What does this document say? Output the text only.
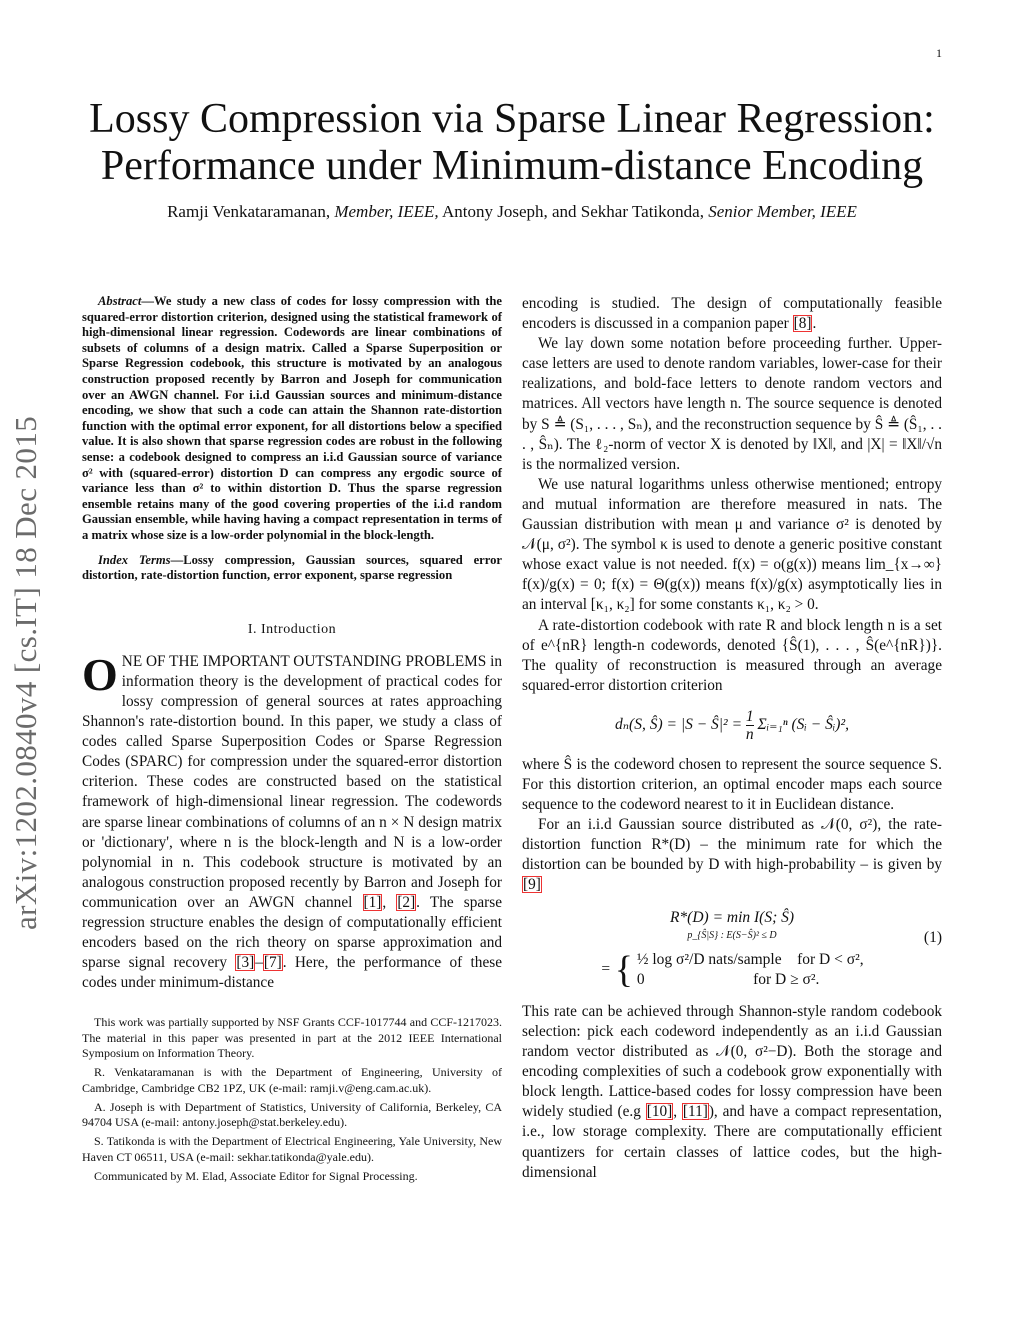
1
Lossy Compression via Sparse Linear Regression:
Performance under Minimum-distance Encoding
Ramji Venkataramanan, Member, IEEE, Antony Joseph, and Sekhar Tatikonda, Senior Member, IEEE
arXiv:1202.0840v4 [cs.IT] 18 Dec 2015

Abstract—We study a new class of codes for lossy compression with the squared-error distortion criterion, designed using the statistical framework of high-dimensional linear regression. Codewords are linear combinations of subsets of columns of a design matrix. Called a Sparse Superposition or Sparse Regression codebook, this structure is motivated by an analogous construction proposed recently by Barron and Joseph for communication over an AWGN channel. For i.i.d Gaussian sources and minimum-distance encoding, we show that such a code can attain the Shannon rate-distortion function with the optimal error exponent, for all distortions below a specified value. It is also shown that sparse regression codes are robust in the following sense: a codebook designed to compress an i.i.d Gaussian source of variance σ² with (squared-error) distortion D can compress any ergodic source of variance less than σ² to within distortion D. Thus the sparse regression ensemble retains many of the good covering properties of the i.i.d random Gaussian ensemble, while having having a compact representation in terms of a matrix whose size is a low-order polynomial in the block-length.

Index Terms—Lossy compression, Gaussian sources, squared error distortion, rate-distortion function, error exponent, sparse regression

I. Introduction

ONE OF THE IMPORTANT OUTSTANDING PROBLEMS in information theory is the development of practical codes for lossy compression of general sources at rates approaching Shannon's rate-distortion bound. In this paper, we study a class of codes called Sparse Superposition Codes or Sparse Regression Codes (SPARC) for compression under the squared-error distortion criterion. These codes are constructed based on the statistical framework of high-dimensional linear regression. The codewords are sparse linear combinations of columns of an n × N design matrix or 'dictionary', where n is the block-length and N is a low-order polynomial in n. This codebook structure is motivated by an analogous construction proposed recently by Barron and Joseph for communication over an AWGN channel [1], [2]. The sparse regression structure enables the design of computationally efficient encoders based on the rich theory on sparse approximation and sparse signal recovery [3]–[7]. Here, the performance of these codes under minimum-distance

This work was partially supported by NSF Grants CCF-1017744 and CCF-1217023. The material in this paper was presented in part at the 2012 IEEE International Symposium on Information Theory.

R. Venkataramanan is with the Department of Engineering, University of Cambridge, Cambridge CB2 1PZ, UK (e-mail: ramji.v@eng.cam.ac.uk).

A. Joseph is with Department of Statistics, University of California, Berkeley, CA 94704 USA (e-mail: antony.joseph@stat.berkeley.edu).

S. Tatikonda is with the Department of Electrical Engineering, Yale University, New Haven CT 06511, USA (e-mail: sekhar.tatikonda@yale.edu).

Communicated by M. Elad, Associate Editor for Signal Processing.

encoding is studied. The design of computationally feasible encoders is discussed in a companion paper [8].

We lay down some notation before proceeding further. Upper-case letters are used to denote random variables, lower-case for their realizations, and bold-face letters to denote random vectors and matrices. All vectors have length n. The source sequence is denoted by S ≜ (S₁, . . . , Sₙ), and the reconstruction sequence by Ŝ ≜ (Ŝ₁, . . . , Ŝₙ). The ℓ₂-norm of vector X is denoted by ‖X‖, and |X| = ‖X‖/√n is the normalized version.

We use natural logarithms unless otherwise mentioned; entropy and mutual information are therefore measured in nats. The Gaussian distribution with mean μ and variance σ² is denoted by 𝒩(μ, σ²). The symbol κ is used to denote a generic positive constant whose exact value is not needed. f(x) = o(g(x)) means lim_{x→∞} f(x)/g(x) = 0; f(x) = Θ(g(x)) means f(x)/g(x) asymptotically lies in an interval [κ₁, κ₂] for some constants κ₁, κ₂ > 0.

A rate-distortion codebook with rate R and block length n is a set of e^{nR} length-n codewords, denoted {Ŝ(1), . . . , Ŝ(e^{nR})}. The quality of reconstruction is measured through an average squared-error distortion criterion

dₙ(S, Ŝ) = |S − Ŝ|² = $\frac{1}{n}$ Σᵢ₌₁ⁿ (Sᵢ − Ŝᵢ)²,

where Ŝ is the codeword chosen to represent the source sequence S. For this distortion criterion, an optimal encoder maps each source sequence to the codeword nearest to it in Euclidean distance.

For an i.i.d Gaussian source distributed as 𝒩(0, σ²), the rate-distortion function R*(D) – the minimum rate for which the distortion can be bounded by D with high-probability – is given by [9]

R*(D) = min I(S; Ŝ)
p_{Ŝ|S} : E(S−Ŝ)² ≤ D
= { ½ log σ²/D nats/sample for D < σ²,
0	for D ≥ σ².
(1)

This rate can be achieved through Shannon-style random codebook selection: pick each codeword independently as an i.i.d Gaussian random vector distributed as 𝒩(0, σ²−D). Both the storage and encoding complexities of such a codebook grow exponentially with block length. Lattice-based codes for lossy compression have been widely studied (e.g [10], [11]), and have a compact representation, i.e., low storage complexity. There are computationally efficient quantizers for certain classes of lattice codes, but the high-dimensional
